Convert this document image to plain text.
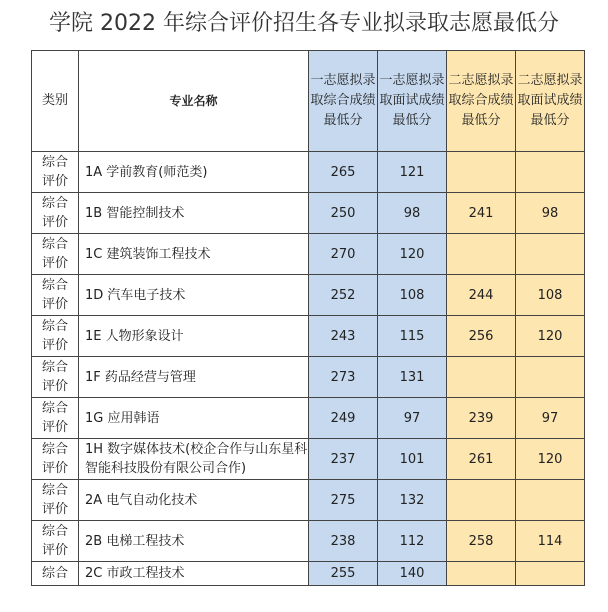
学院 2022 年综合评价招生各专业拟录取志愿最低分
类别	专业名称	一志愿拟录取综合成绩最低分	一志愿拟录取面试成绩最低分	二志愿拟录取综合成绩最低分	二志愿拟录取面试成绩最低分

综合
评价	1A 学前教育(师范类)	265	121		

综合
评价	1B 智能控制技术	250	98	241	98

综合
评价	1C 建筑装饰工程技术	270	120		

综合
评价	1D 汽车电子技术	252	108	244	108

综合
评价	1E 人物形象设计	243	115	256	120

综合
评价	1F 药品经营与管理	273	131		

综合
评价	1G 应用韩语	249	97	239	97

综合
评价	1H 数字媒体技术(校企合作与山东星科智能科技股份有限公司合作)	237	101	261	120

综合
评价	2A 电气自动化技术	275	132		

综合
评价	2B 电梯工程技术	238	112	258	114

综合	2C 市政工程技术	255	140		
